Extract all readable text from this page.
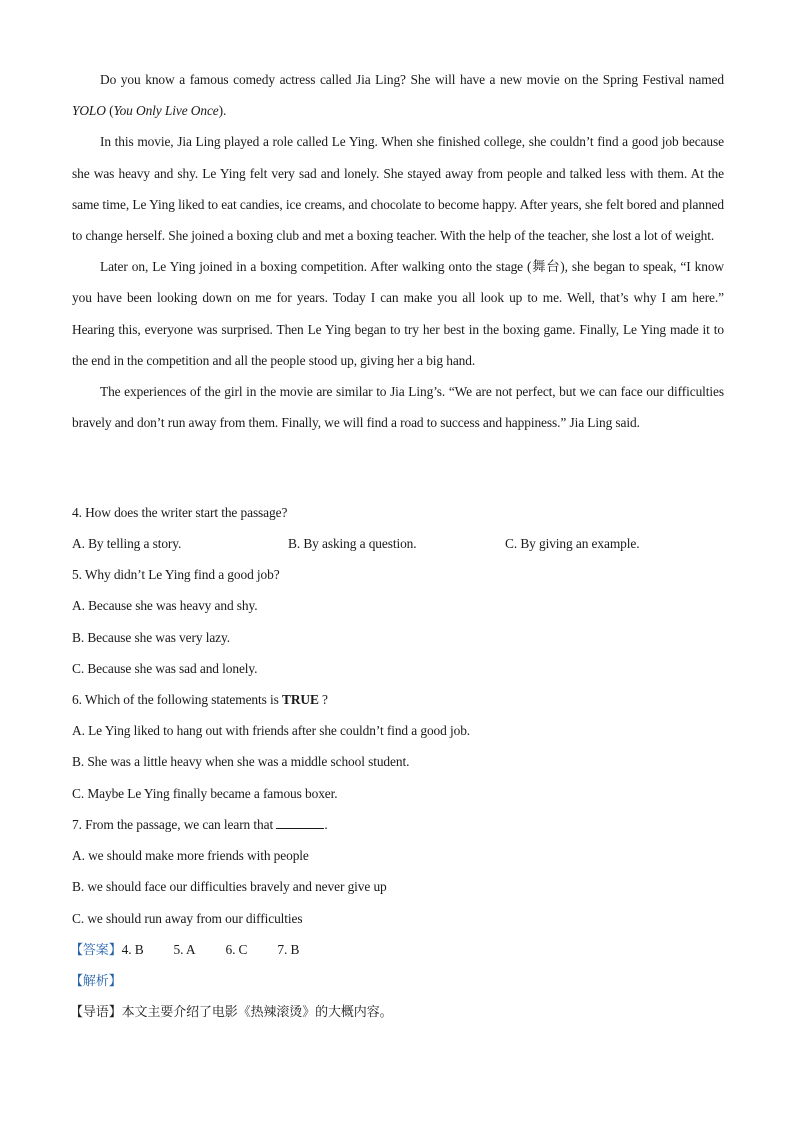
Do you know a famous comedy actress called Jia Ling? She will have a new movie on the Spring Festival named YOLO (You Only Live Once).

In this movie, Jia Ling played a role called Le Ying. When she finished college, she couldn’t find a good job because she was heavy and shy. Le Ying felt very sad and lonely. She stayed away from people and talked less with them. At the same time, Le Ying liked to eat candies, ice creams, and chocolate to become happy. After years, she felt bored and planned to change herself. She joined a boxing club and met a boxing teacher. With the help of the teacher, she lost a lot of weight.

Later on, Le Ying joined in a boxing competition. After walking onto the stage (舞台), she began to speak, “I know you have been looking down on me for years. Today I can make you all look up to me. Well, that’s why I am here.” Hearing this, everyone was surprised. Then Le Ying began to try her best in the boxing game. Finally, Le Ying made it to the end in the competition and all the people stood up, giving her a big hand.

The experiences of the girl in the movie are similar to Jia Ling’s. “We are not perfect, but we can face our difficulties bravely and don’t run away from them. Finally, we will find a road to success and happiness.” Jia Ling said.

4. How does the writer start the passage?
A. By telling a story.	B. By asking a question.	C. By giving an example.
5. Why didn’t Le Ying find a good job?
A. Because she was heavy and shy.
B. Because she was very lazy.
C. Because she was sad and lonely.
6. Which of the following statements is TRUE ?
A. Le Ying liked to hang out with friends after she couldn’t find a good job.
B. She was a little heavy when she was a middle school student.
C. Maybe Le Ying finally became a famous boxer.
7. From the passage, we can learn that	.
A. we should make more friends with people
B. we should face our difficulties bravely and never give up
C. we should run away from our difficulties
【答案】4. B 5. A 6. C 7. B
【解析】
【导语】本文主要介绍了电影《热辣滚烫》的大概内容。
